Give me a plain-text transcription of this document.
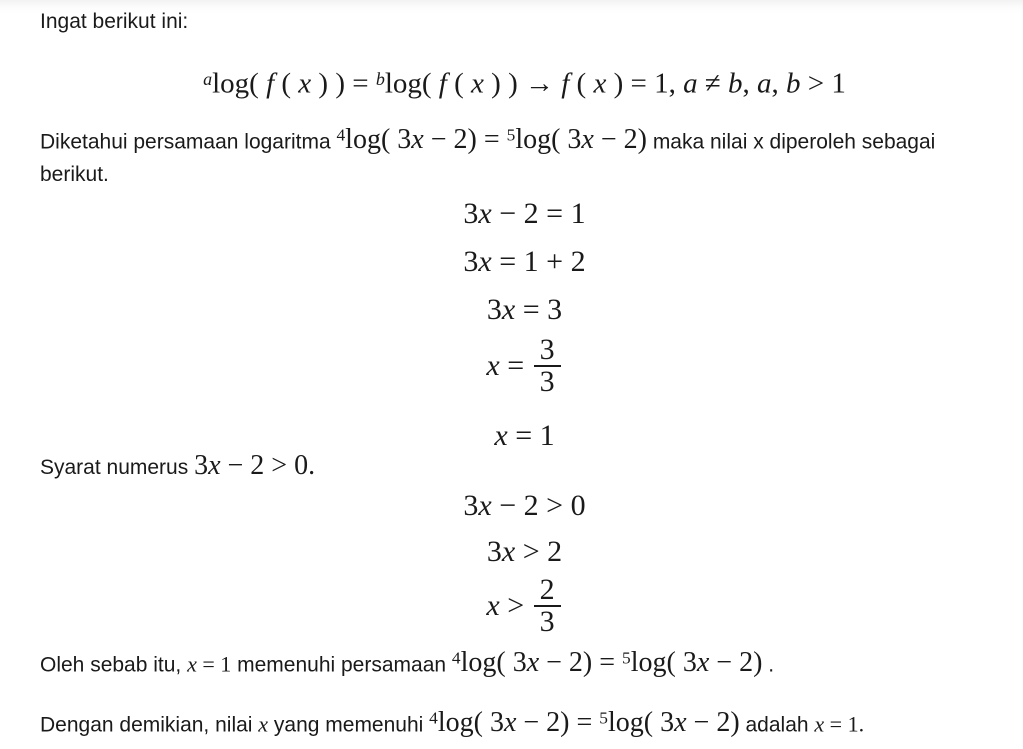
Ingat berikut ini:

$^a$log( f ( x ) ) = $^b$log( f ( x ) ) → f ( x ) = 1, a ≠ b, a, b > 1

Diketahui persamaan logaritma $^4$log( 3x − 2) = $^5$log( 3x − 2) maka nilai x diperoleh sebagai
berikut.

3x − 2 = 1
3x = 1 + 2
3x = 3
$x = \frac{3}{3}$
x = 1

Syarat numerus 3x − 2 > 0.

3x − 2 > 0
3x > 2
$x > \frac{2}{3}$

Oleh sebab itu, x = 1 memenuhi persamaan $^4$log( 3x − 2) = $^5$log( 3x − 2) .

Dengan demikian, nilai x yang memenuhi $^4$log( 3x − 2) = $^5$log( 3x − 2) adalah x = 1.
